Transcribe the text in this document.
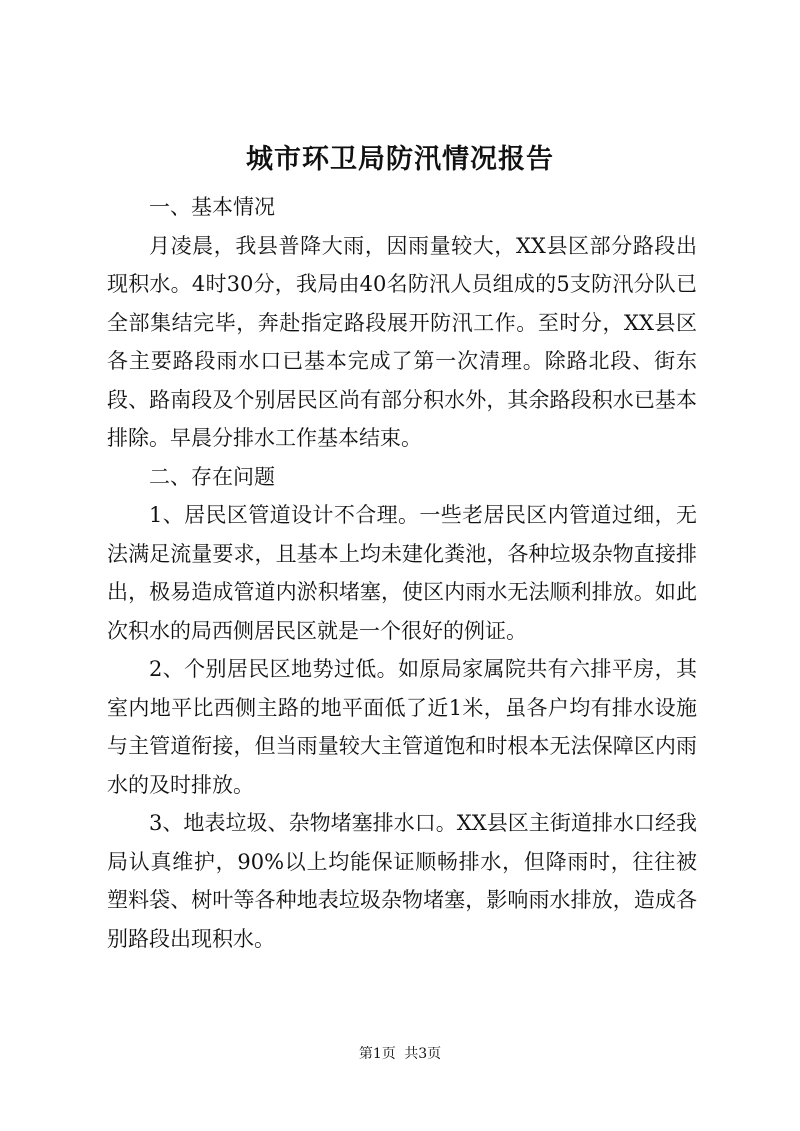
城市环卫局防汛情况报告

一、基本情况

月凌晨，我县普降大雨，因雨量较大，XX县区部分路段出现积水。4时30分，我局由40名防汛人员组成的5支防汛分队已全部集结完毕，奔赴指定路段展开防汛工作。至时分，XX县区各主要路段雨水口已基本完成了第一次清理。除路北段、街东段、路南段及个别居民区尚有部分积水外，其余路段积水已基本排除。早晨分排水工作基本结束。

二、存在问题

1、居民区管道设计不合理。一些老居民区内管道过细，无法满足流量要求，且基本上均未建化粪池，各种垃圾杂物直接排出，极易造成管道内淤积堵塞，使区内雨水无法顺利排放。如此次积水的局西侧居民区就是一个很好的例证。

2、个别居民区地势过低。如原局家属院共有六排平房，其室内地平比西侧主路的地平面低了近1米，虽各户均有排水设施与主管道衔接，但当雨量较大主管道饱和时根本无法保障区内雨水的及时排放。

3、地表垃圾、杂物堵塞排水口。XX县区主街道排水口经我局认真维护，90%以上均能保证顺畅排水，但降雨时，往往被塑料袋、树叶等各种地表垃圾杂物堵塞，影响雨水排放，造成各别路段出现积水。

第1页 共3页
